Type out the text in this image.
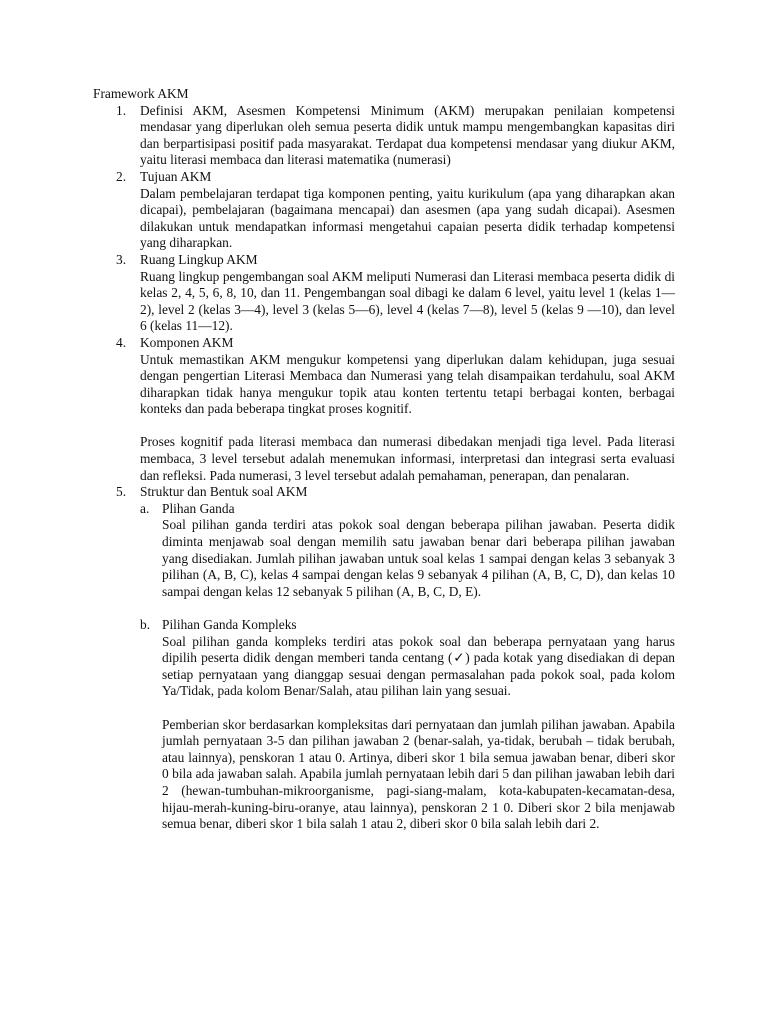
Framework AKM
1. Definisi AKM, Asesmen Kompetensi Minimum (AKM) merupakan penilaian kompetensi mendasar yang diperlukan oleh semua peserta didik untuk mampu mengembangkan kapasitas diri dan berpartisipasi positif pada masyarakat. Terdapat dua kompetensi mendasar yang diukur AKM, yaitu literasi membaca dan literasi matematika (numerasi)

2. Tujuan AKM

Dalam pembelajaran terdapat tiga komponen penting, yaitu kurikulum (apa yang diharapkan akan dicapai), pembelajaran (bagaimana mencapai) dan asesmen (apa yang sudah dicapai). Asesmen dilakukan untuk mendapatkan informasi mengetahui capaian peserta didik terhadap kompetensi yang diharapkan.

3. Ruang Lingkup AKM

Ruang lingkup pengembangan soal AKM meliputi Numerasi dan Literasi membaca peserta didik di kelas 2, 4, 5, 6, 8, 10, dan 11. Pengembangan soal dibagi ke dalam 6 level, yaitu level 1 (kelas 1—2), level 2 (kelas 3—4), level 3 (kelas 5—6), level 4 (kelas 7—8), level 5 (kelas 9 —10), dan level 6 (kelas 11—12).

4. Komponen AKM

Untuk memastikan AKM mengukur kompetensi yang diperlukan dalam kehidupan, juga sesuai dengan pengertian Literasi Membaca dan Numerasi yang telah disampaikan terdahulu, soal AKM diharapkan tidak hanya mengukur topik atau konten tertentu tetapi berbagai konten, berbagai konteks dan pada beberapa tingkat proses kognitif.

Proses kognitif pada literasi membaca dan numerasi dibedakan menjadi tiga level. Pada literasi membaca, 3 level tersebut adalah menemukan informasi, interpretasi dan integrasi serta evaluasi dan refleksi. Pada numerasi, 3 level tersebut adalah pemahaman, penerapan, dan penalaran.

5. Struktur dan Bentuk soal AKM
a. Plihan Ganda

Soal pilihan ganda terdiri atas pokok soal dengan beberapa pilihan jawaban. Peserta didik diminta menjawab soal dengan memilih satu jawaban benar dari beberapa pilihan jawaban yang disediakan. Jumlah pilihan jawaban untuk soal kelas 1 sampai dengan kelas 3 sebanyak 3 pilihan (A, B, C), kelas 4 sampai dengan kelas 9 sebanyak 4 pilihan (A, B, C, D), dan kelas 10 sampai dengan kelas 12 sebanyak 5 pilihan (A, B, C, D, E).

b. Pilihan Ganda Kompleks

Soal pilihan ganda kompleks terdiri atas pokok soal dan beberapa pernyataan yang harus dipilih peserta didik dengan memberi tanda centang (✓) pada kotak yang disediakan di depan setiap pernyataan yang dianggap sesuai dengan permasalahan pada pokok soal, pada kolom Ya/Tidak, pada kolom Benar/Salah, atau pilihan lain yang sesuai.

Pemberian skor berdasarkan kompleksitas dari pernyataan dan jumlah pilihan jawaban. Apabila jumlah pernyataan 3-5 dan pilihan jawaban 2 (benar-salah, ya-tidak, berubah – tidak berubah, atau lainnya), penskoran 1 atau 0. Artinya, diberi skor 1 bila semua jawaban benar, diberi skor 0 bila ada jawaban salah. Apabila jumlah pernyataan lebih dari 5 dan pilihan jawaban lebih dari 2 (hewan-tumbuhan-mikroorganisme, pagi-siang-malam, kota-kabupaten-kecamatan-desa, hijau-merah-kuning-biru-oranye, atau lainnya), penskoran 2 1 0. Diberi skor 2 bila menjawab semua benar, diberi skor 1 bila salah 1 atau 2, diberi skor 0 bila salah lebih dari 2.
